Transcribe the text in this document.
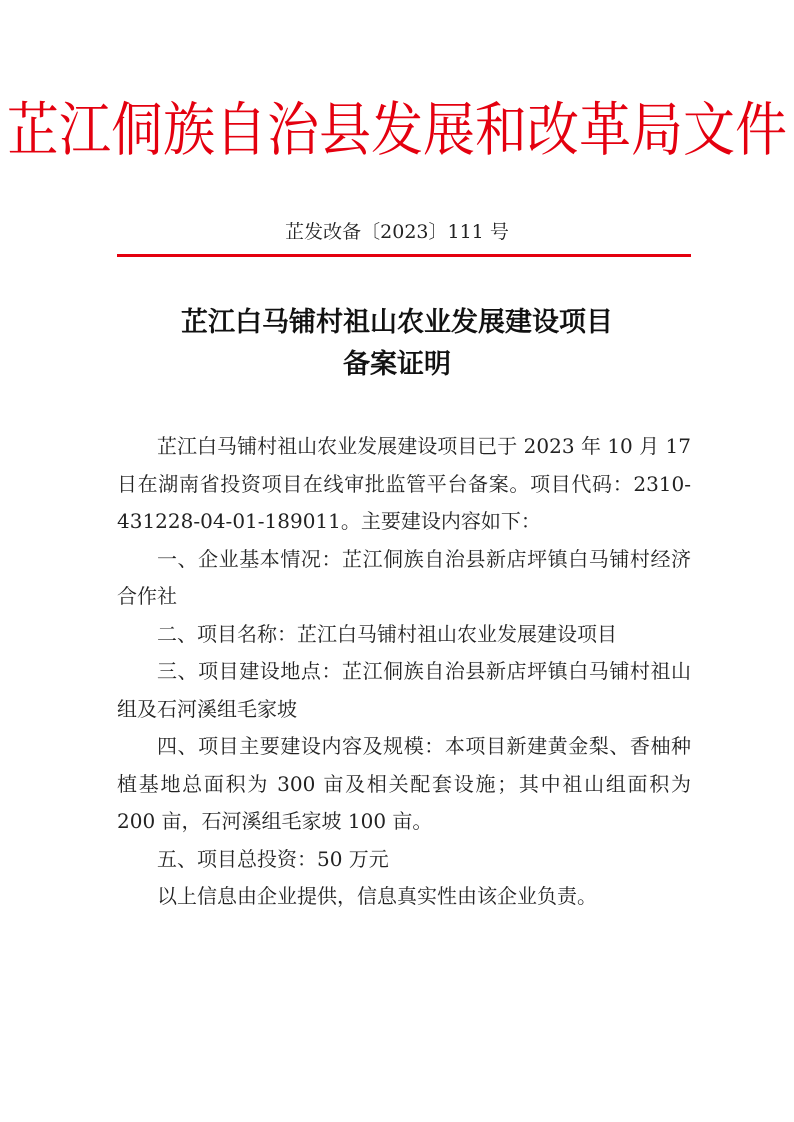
芷江侗族自治县发展和改革局文件
芷发改备〔2023〕111 号
芷江白马铺村祖山农业发展建设项目
备案证明

芷江白马铺村祖山农业发展建设项目已于 2023 年 10 月 17 日在湖南省投资项目在线审批监管平台备案。项目代码：2310-431228-04-01-189011。主要建设内容如下：

一、企业基本情况：芷江侗族自治县新店坪镇白马铺村经济合作社

二、项目名称：芷江白马铺村祖山农业发展建设项目

三、项目建设地点：芷江侗族自治县新店坪镇白马铺村祖山组及石河溪组毛家坡

四、项目主要建设内容及规模：本项目新建黄金梨、香柚种植基地总面积为 300 亩及相关配套设施；其中祖山组面积为 200 亩，石河溪组毛家坡 100 亩。

五、项目总投资：50 万元

以上信息由企业提供，信息真实性由该企业负责。
